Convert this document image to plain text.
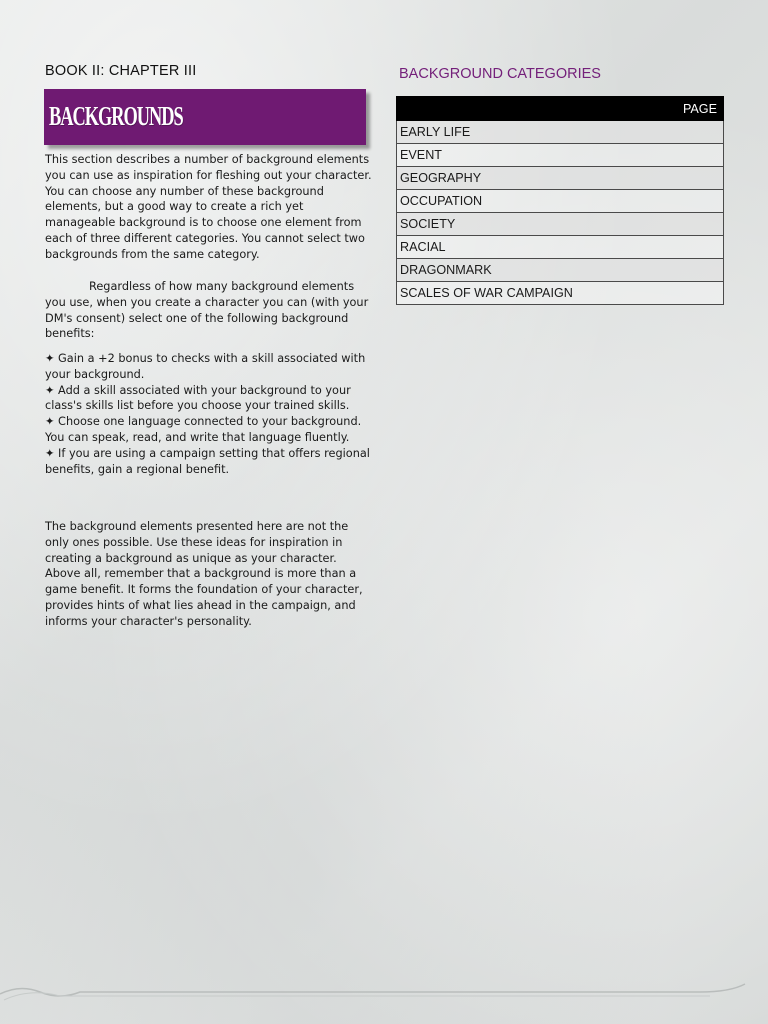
BOOK II: CHAPTER III
BACKGROUNDS

This section describes a number of background elements you can use as inspiration for fleshing out your character. You can choose any number of these background elements, but a good way to create a rich yet manageable background is to choose one element from each of three different categories. You cannot select two backgrounds from the same category.

Regardless of how many background elements you use, when you create a character you can (with your DM's consent) select one of the following background benefits:

✦ Gain a +2 bonus to checks with a skill associated with your background.
✦ Add a skill associated with your background to your class's skills list before you choose your trained skills.
✦ Choose one language connected to your background. You can speak, read, and write that language fluently.
✦ If you are using a campaign setting that offers regional benefits, gain a regional benefit.

The background elements presented here are not the only ones possible. Use these ideas for inspiration in creating a background as unique as your character. Above all, remember that a background is more than a game benefit. It forms the foundation of your character, provides hints of what lies ahead in the campaign, and informs your character's personality.

BACKGROUND CATEGORIES
PAGE
EARLY LIFE
EVENT
GEOGRAPHY
OCCUPATION
SOCIETY
RACIAL
DRAGONMARK
SCALES OF WAR CAMPAIGN
